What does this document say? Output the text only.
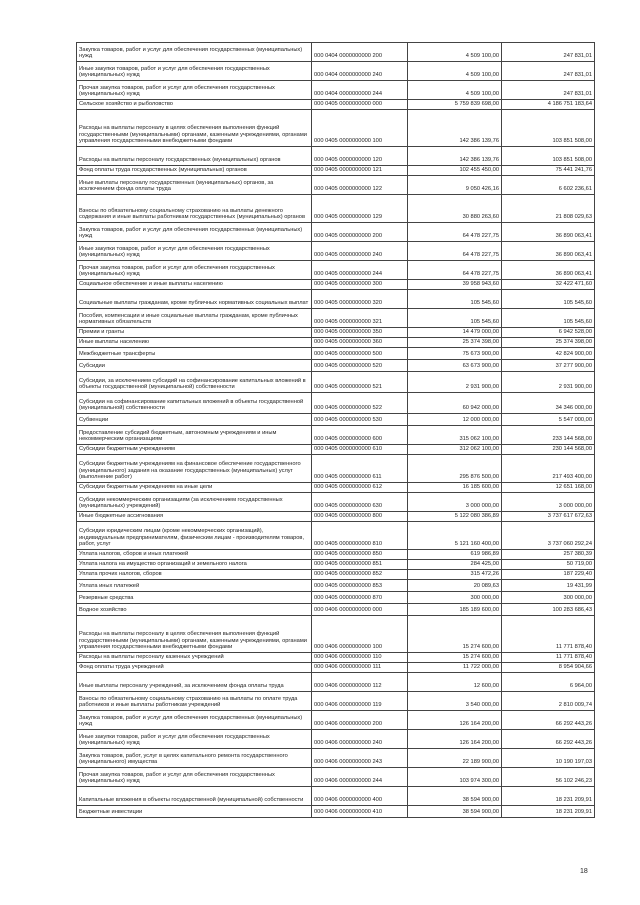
Закупка товаров, работ и услуг для обеспечения государственных (муниципальных) нужд	000 0404 0000000000 200	4 509 100,00	247 831,01
Иные закупки товаров, работ и услуг для обеспечения государственных (муниципальных) нужд	000 0404 0000000000 240	4 509 100,00	247 831,01
Прочая закупка товаров, работ и услуг для обеспечения государственных (муниципальных) нужд	000 0404 0000000000 244	4 509 100,00	247 831,01
Сельское хозяйство и рыболовство	000 0405 0000000000 000	5 759 839 698,00	4 186 751 183,64
Расходы на выплаты персоналу в целях обеспечения выполнения функций государственными (муниципальными) органами, казенными учреждениями, органами управления государственными внебюджетными фондами	000 0405 0000000000 100	142 386 139,76	103 851 508,00
Расходы на выплаты персоналу государственных (муниципальных) органов	000 0405 0000000000 120	142 386 139,76	103 851 508,00
Фонд оплаты труда государственных (муниципальных) органов	000 0405 0000000000 121	102 455 450,00	75 441 241,76
Иные выплаты персоналу государственных (муниципальных) органов, за исключением фонда оплаты труда	000 0405 0000000000 122	9 050 426,16	6 602 236,61
Взносы по обязательному социальному страхованию на выплаты денежного содержания и иные выплаты работникам государственных (муниципальных) органов	000 0405 0000000000 129	30 880 263,60	21 808 029,63
Закупка товаров, работ и услуг для обеспечения государственных (муниципальных) нужд	000 0405 0000000000 200	64 478 227,75	36 890 063,41
Иные закупки товаров, работ и услуг для обеспечения государственных (муниципальных) нужд	000 0405 0000000000 240	64 478 227,75	36 890 063,41
Прочая закупка товаров, работ и услуг для обеспечения государственных (муниципальных) нужд	000 0405 0000000000 244	64 478 227,75	36 890 063,41
Социальное обеспечение и иные выплаты населению	000 0405 0000000000 300	39 958 943,60	32 422 471,60
Социальные выплаты гражданам, кроме публичных нормативных социальных выплат	000 0405 0000000000 320	105 545,60	105 545,60
Пособия, компенсации и иные социальные выплаты гражданам, кроме публичных нормативных обязательств	000 0405 0000000000 321	105 545,60	105 545,60
Премии и гранты	000 0405 0000000000 350	14 479 000,00	6 942 528,00
Иные выплаты населению	000 0405 0000000000 360	25 374 398,00	25 374 398,00
Межбюджетные трансферты	000 0405 0000000000 500	75 673 900,00	42 824 900,00
Субсидии	000 0405 0000000000 520	63 673 900,00	37 277 900,00
Субсидии, за исключением субсидий на софинансирование капитальных вложений в объекты государственной (муниципальной) собственности	000 0405 0000000000 521	2 931 900,00	2 931 900,00
Субсидии на софинансирование капитальных вложений в объекты государственной (муниципальной) собственности	000 0405 0000000000 522	60 942 000,00	34 346 000,00
Субвенции	000 0405 0000000000 530	12 000 000,00	5 547 000,00
Предоставление субсидий бюджетным, автономным учреждениям и иным некоммерческим организациям	000 0405 0000000000 600	315 062 100,00	233 144 568,00
Субсидии бюджетным учреждениям	000 0405 0000000000 610	312 062 100,00	230 144 568,00
Субсидии бюджетным учреждениям на финансовое обеспечение государственного (муниципального) задания на оказание государственных (муниципальных) услуг (выполнение работ)	000 0405 0000000000 611	295 876 500,00	217 493 400,00
Субсидии бюджетным учреждениям на иные цели	000 0405 0000000000 612	16 185 600,00	12 651 168,00
Субсидии некоммерческим организациям (за исключением государственных (муниципальных) учреждений)	000 0405 0000000000 630	3 000 000,00	3 000 000,00
Иные бюджетные ассигнования	000 0405 0000000000 800	5 122 080 386,89	3 737 617 672,63
Субсидии юридическим лицам (кроме некоммерческих организаций), индивидуальным предпринимателям, физическим лицам - производителям товаров, работ, услуг	000 0405 0000000000 810	5 121 160 400,00	3 737 060 292,24
Уплата налогов, сборов и иных платежей	000 0405 0000000000 850	619 986,89	257 380,39
Уплата налога на имущество организаций и земельного налога	000 0405 0000000000 851	284 425,00	50 719,00
Уплата прочих налогов, сборов	000 0405 0000000000 852	315 472,26	187 229,40
Уплата иных платежей	000 0405 0000000000 853	20 089,63	19 431,99
Резервные средства	000 0405 0000000000 870	300 000,00	300 000,00
Водное хозяйство	000 0406 0000000000 000	185 189 600,00	100 283 686,43
Расходы на выплаты персоналу в целях обеспечения выполнения функций государственными (муниципальными) органами, казенными учреждениями, органами управления государственными внебюджетными фондами	000 0406 0000000000 100	15 274 600,00	11 771 878,40
Расходы на выплаты персоналу казенных учреждений	000 0406 0000000000 110	15 274 600,00	11 771 878,40
Фонд оплаты труда учреждений	000 0406 0000000000 111	11 722 000,00	8 954 904,66
Иные выплаты персоналу учреждений, за исключением фонда оплаты труда	000 0406 0000000000 112	12 600,00	6 964,00
Взносы по обязательному социальному страхованию на выплаты по оплате труда работников и иные выплаты работникам учреждений	000 0406 0000000000 119	3 540 000,00	2 810 009,74
Закупка товаров, работ и услуг для обеспечения государственных (муниципальных) нужд	000 0406 0000000000 200	126 164 200,00	66 292 443,26
Иные закупки товаров, работ и услуг для обеспечения государственных (муниципальных) нужд	000 0406 0000000000 240	126 164 200,00	66 292 443,26
Закупка товаров, работ, услуг в целях капитального ремонта государственного (муниципального) имущества	000 0406 0000000000 243	22 189 900,00	10 190 197,03
Прочая закупка товаров, работ и услуг для обеспечения государственных (муниципальных) нужд	000 0406 0000000000 244	103 974 300,00	56 102 246,23
Капитальные вложения в объекты государственной (муниципальной) собственности	000 0406 0000000000 400	38 594 900,00	18 231 209,91
Бюджетные инвестиции	000 0406 0000000000 410	38 594 900,00	18 231 209,91
18
